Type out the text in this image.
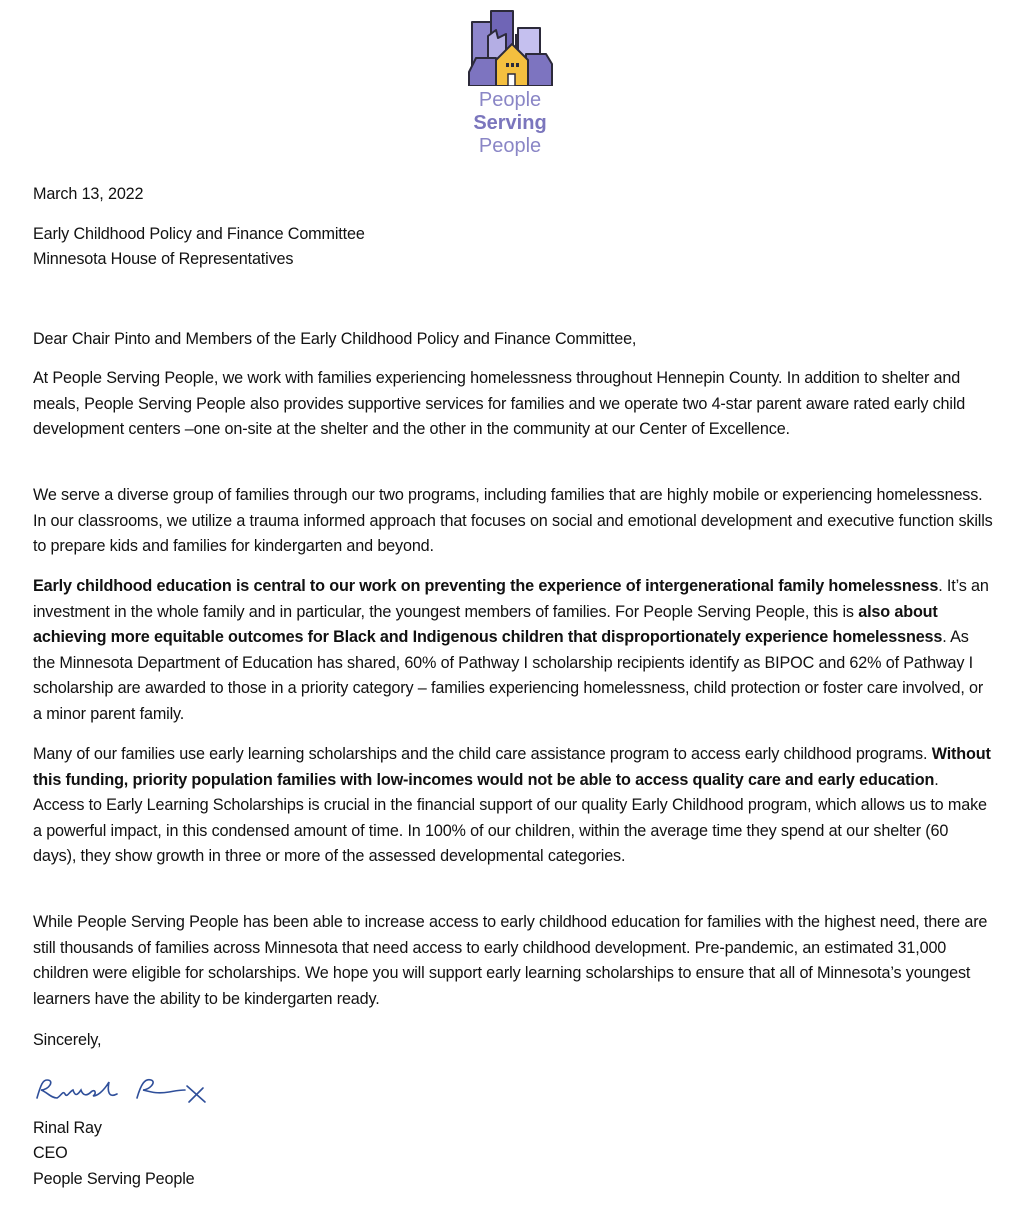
People
Serving
People
March 13, 2022
Early Childhood Policy and Finance Committee
Minnesota House of Representatives
Dear Chair Pinto and Members of the Early Childhood Policy and Finance Committee,
At People Serving People, we work with families experiencing homelessness throughout Hennepin County. In addition to shelter and meals, People Serving People also provides supportive services for families and we operate two 4-star parent aware rated early child development centers –one on-site at the shelter and the other in the community at our Center of Excellence.
We serve a diverse group of families through our two programs, including families that are highly mobile or experiencing homelessness. In our classrooms, we utilize a trauma informed approach that focuses on social and emotional development and executive function skills to prepare kids and families for kindergarten and beyond.
Early childhood education is central to our work on preventing the experience of intergenerational family homelessness. It’s an investment in the whole family and in particular, the youngest members of families. For People Serving People, this is also about achieving more equitable outcomes for Black and Indigenous children that disproportionately experience homelessness. As the Minnesota Department of Education has shared, 60% of Pathway I scholarship recipients identify as BIPOC and 62% of Pathway I scholarship are awarded to those in a priority category – families experiencing homelessness, child protection or foster care involved, or a minor parent family.
Many of our families use early learning scholarships and the child care assistance program to access early childhood programs. Without this funding, priority population families with low-incomes would not be able to access quality care and early education. Access to Early Learning Scholarships is crucial in the financial support of our quality Early Childhood program, which allows us to make a powerful impact, in this condensed amount of time. In 100% of our children, within the average time they spend at our shelter (60 days), they show growth in three or more of the assessed developmental categories.
While People Serving People has been able to increase access to early childhood education for families with the highest need, there are still thousands of families across Minnesota that need access to early childhood development. Pre-pandemic, an estimated 31,000 children were eligible for scholarships. We hope you will support early learning scholarships to ensure that all of Minnesota’s youngest learners have the ability to be kindergarten ready.
Sincerely,
Rinal Ray
CEO
People Serving People
